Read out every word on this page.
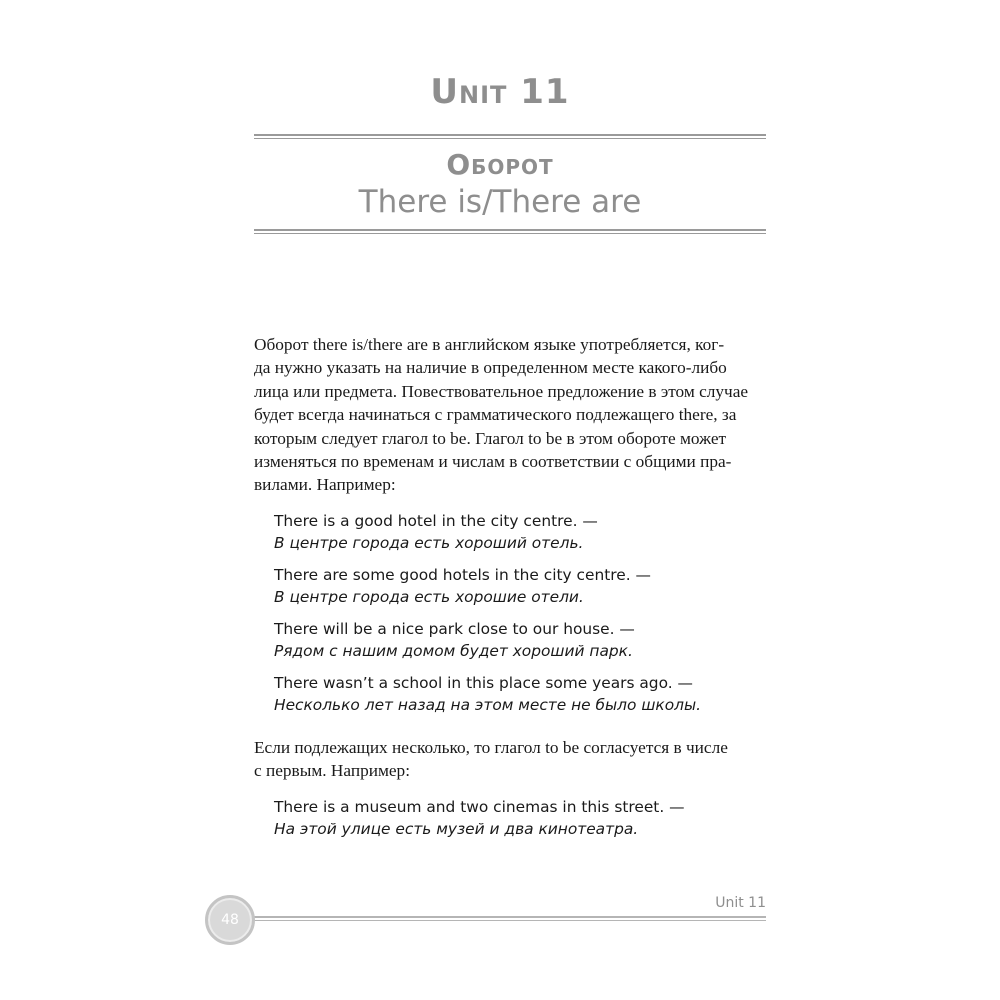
Unit 11
Оборот
There is/There are
Оборот there is/there are в английском языке употребляется, ког-
да нужно указать на наличие в определенном месте какого-либо
лица или предмета. Повествовательное предложение в этом случае
будет всегда начинаться с грамматического подлежащего there, за
которым следует глагол to be. Глагол to be в этом обороте может
изменяться по временам и числам в соответствии с общими пра-
вилами. Например:
There is a good hotel in the city centre. —
В центре города есть хороший отель.
There are some good hotels in the city centre. —
В центре города есть хорошие отели.
There will be a nice park close to our house. —
Рядом с нашим домом будет хороший парк.
There wasn’t a school in this place some years ago. —
Несколько лет назад на этом месте не было школы.
Если подлежащих несколько, то глагол to be согласуется в числе
с первым. Например:
There is a museum and two cinemas in this street. —
На этой улице есть музей и два кинотеатра.
Unit 11
48
